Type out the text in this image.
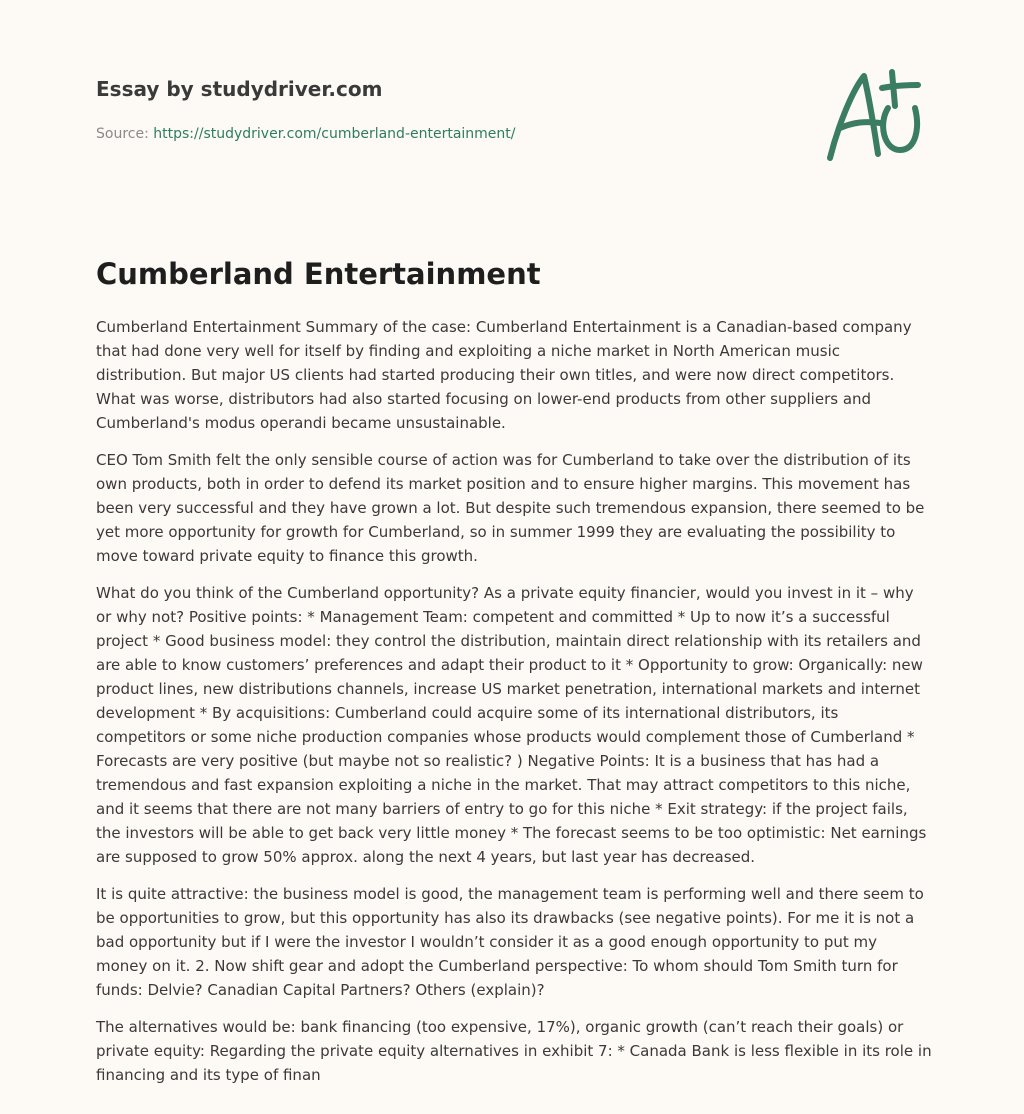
Essay by studydriver.com
Source: https://studydriver.com/cumberland-entertainment/
Cumberland Entertainment

Cumberland Entertainment Summary of the case: Cumberland Entertainment is a Canadian-based company that had done very well for itself by finding and exploiting a niche market in North American music distribution. But major US clients had started producing their own titles, and were now direct competitors. What was worse, distributors had also started focusing on lower-end products from other suppliers and Cumberland's modus operandi became unsustainable.

CEO Tom Smith felt the only sensible course of action was for Cumberland to take over the distribution of its own products, both in order to defend its market position and to ensure higher margins. This movement has been very successful and they have grown a lot. But despite such tremendous expansion, there seemed to be yet more opportunity for growth for Cumberland, so in summer 1999 they are evaluating the possibility to move toward private equity to finance this growth.

What do you think of the Cumberland opportunity? As a private equity financier, would you invest in it – why or why not? Positive points: * Management Team: competent and committed * Up to now it’s a successful project * Good business model: they control the distribution, maintain direct relationship with its retailers and are able to know customers’ preferences and adapt their product to it * Opportunity to grow: Organically: new product lines, new distributions channels, increase US market penetration, international markets and internet development * By acquisitions: Cumberland could acquire some of its international distributors, its competitors or some niche production companies whose products would complement those of Cumberland * Forecasts are very positive (but maybe not so realistic? ) Negative Points: It is a business that has had a tremendous and fast expansion exploiting a niche in the market. That may attract competitors to this niche, and it seems that there are not many barriers of entry to go for this niche * Exit strategy: if the project fails, the investors will be able to get back very little money * The forecast seems to be too optimistic: Net earnings are supposed to grow 50% approx. along the next 4 years, but last year has decreased.

It is quite attractive: the business model is good, the management team is performing well and there seem to be opportunities to grow, but this opportunity has also its drawbacks (see negative points). For me it is not a bad opportunity but if I were the investor I wouldn’t consider it as a good enough opportunity to put my money on it. 2. Now shift gear and adopt the Cumberland perspective: To whom should Tom Smith turn for funds: Delvie? Canadian Capital Partners? Others (explain)?

The alternatives would be: bank financing (too expensive, 17%), organic growth (can’t reach their goals) or private equity: Regarding the private equity alternatives in exhibit 7: * Canada Bank is less flexible in its role in financing and its type of finan
